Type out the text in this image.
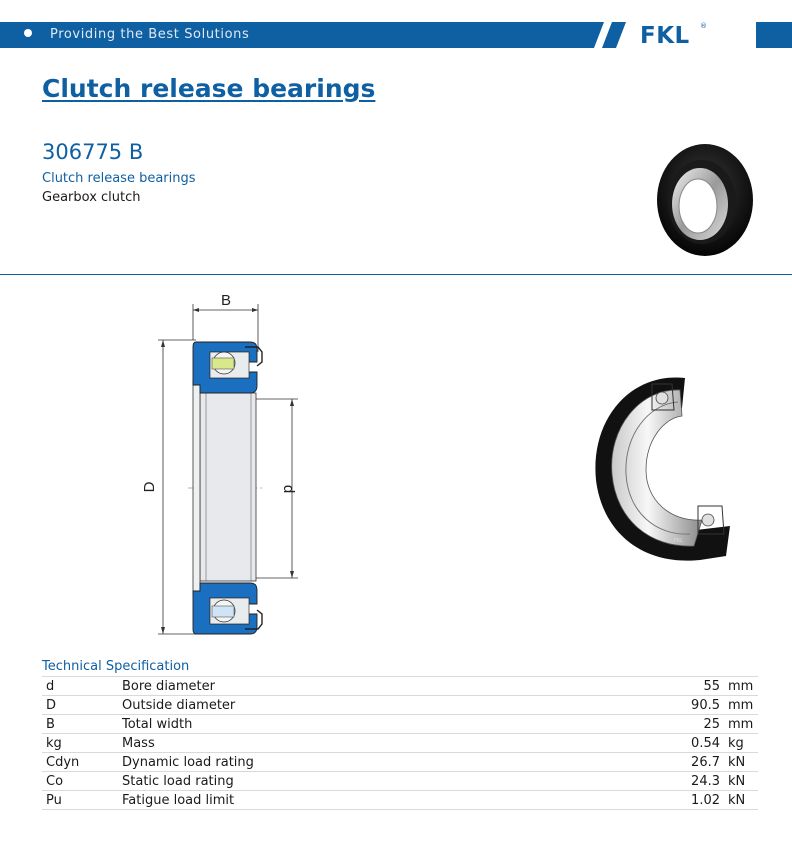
Providing the Best Solutions	FKL ®
Clutch release bearings
306775 B
Clutch release bearings
Gearbox clutch
B
D	d
FKL
Technical Specification
d	Bore diameter	55	mm
D	Outside diameter	90.5	mm
B	Total width	25	mm
kg	Mass	0.54	kg
Cdyn	Dynamic load rating	26.7	kN
Co	Static load rating	24.3	kN
Pu	Fatigue load limit	1.02	kN
